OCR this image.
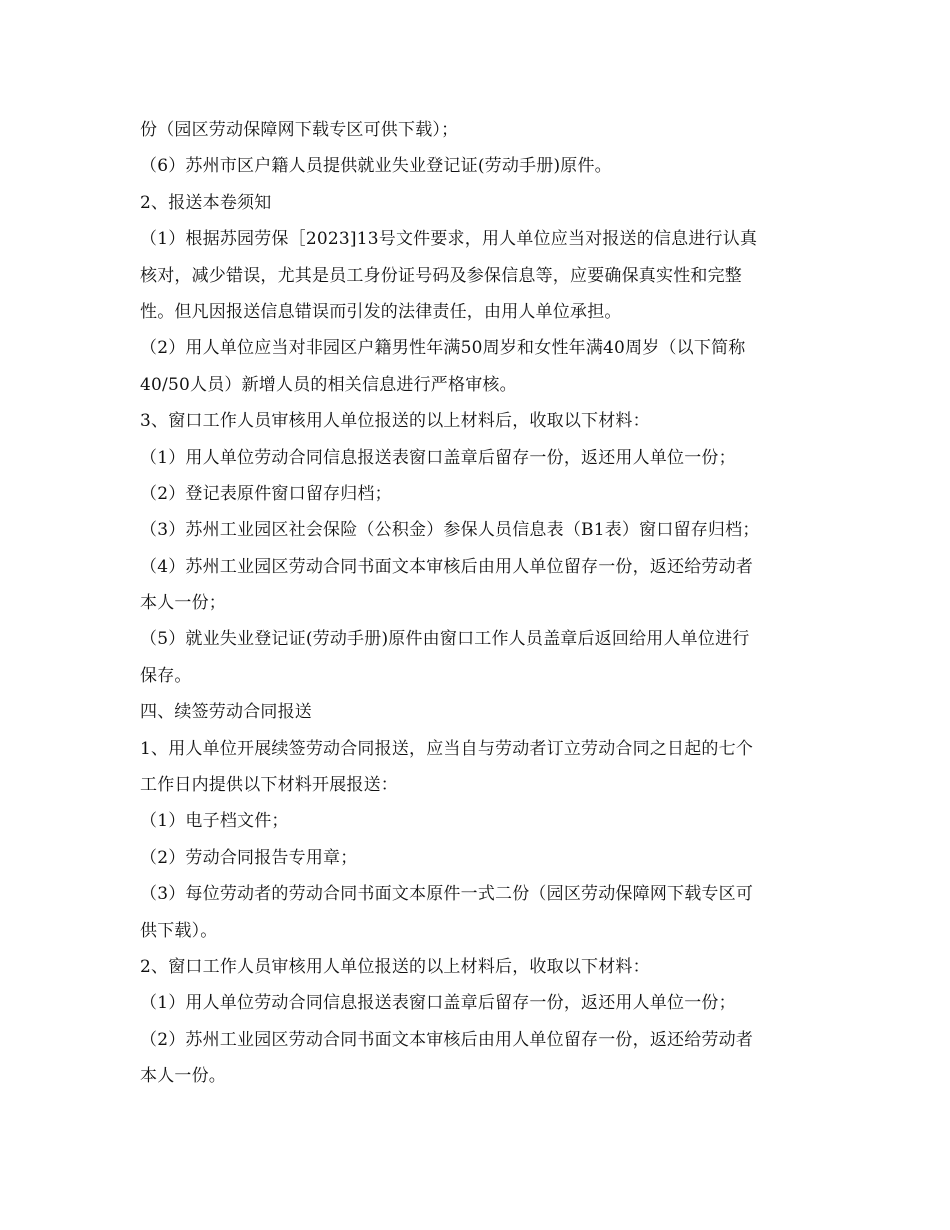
份（园区劳动保障网下载专区可供下载）；
（6）苏州市区户籍人员提供就业失业登记证(劳动手册)原件。
2、报送本卷须知
（1）根据苏园劳保［2023]13号文件要求，用人单位应当对报送的信息进行认真
核对，减少错误，尤其是员工身份证号码及参保信息等，应要确保真实性和完整
性。但凡因报送信息错误而引发的法律责任，由用人单位承担。
（2）用人单位应当对非园区户籍男性年满50周岁和女性年满40周岁（以下简称
40/50人员）新增人员的相关信息进行严格审核。
3、窗口工作人员审核用人单位报送的以上材料后，收取以下材料：
（1）用人单位劳动合同信息报送表窗口盖章后留存一份，返还用人单位一份；
（2）登记表原件窗口留存归档；
（3）苏州工业园区社会保险（公积金）参保人员信息表（B1表）窗口留存归档；
（4）苏州工业园区劳动合同书面文本审核后由用人单位留存一份，返还给劳动者
本人一份；
（5）就业失业登记证(劳动手册)原件由窗口工作人员盖章后返回给用人单位进行
保存。
四、续签劳动合同报送
1、用人单位开展续签劳动合同报送，应当自与劳动者订立劳动合同之日起的七个
工作日内提供以下材料开展报送：
（1）电子档文件；
（2）劳动合同报告专用章；
（3）每位劳动者的劳动合同书面文本原件一式二份（园区劳动保障网下载专区可
供下载）。
2、窗口工作人员审核用人单位报送的以上材料后，收取以下材料：
（1）用人单位劳动合同信息报送表窗口盖章后留存一份，返还用人单位一份；
（2）苏州工业园区劳动合同书面文本审核后由用人单位留存一份，返还给劳动者
本人一份。
